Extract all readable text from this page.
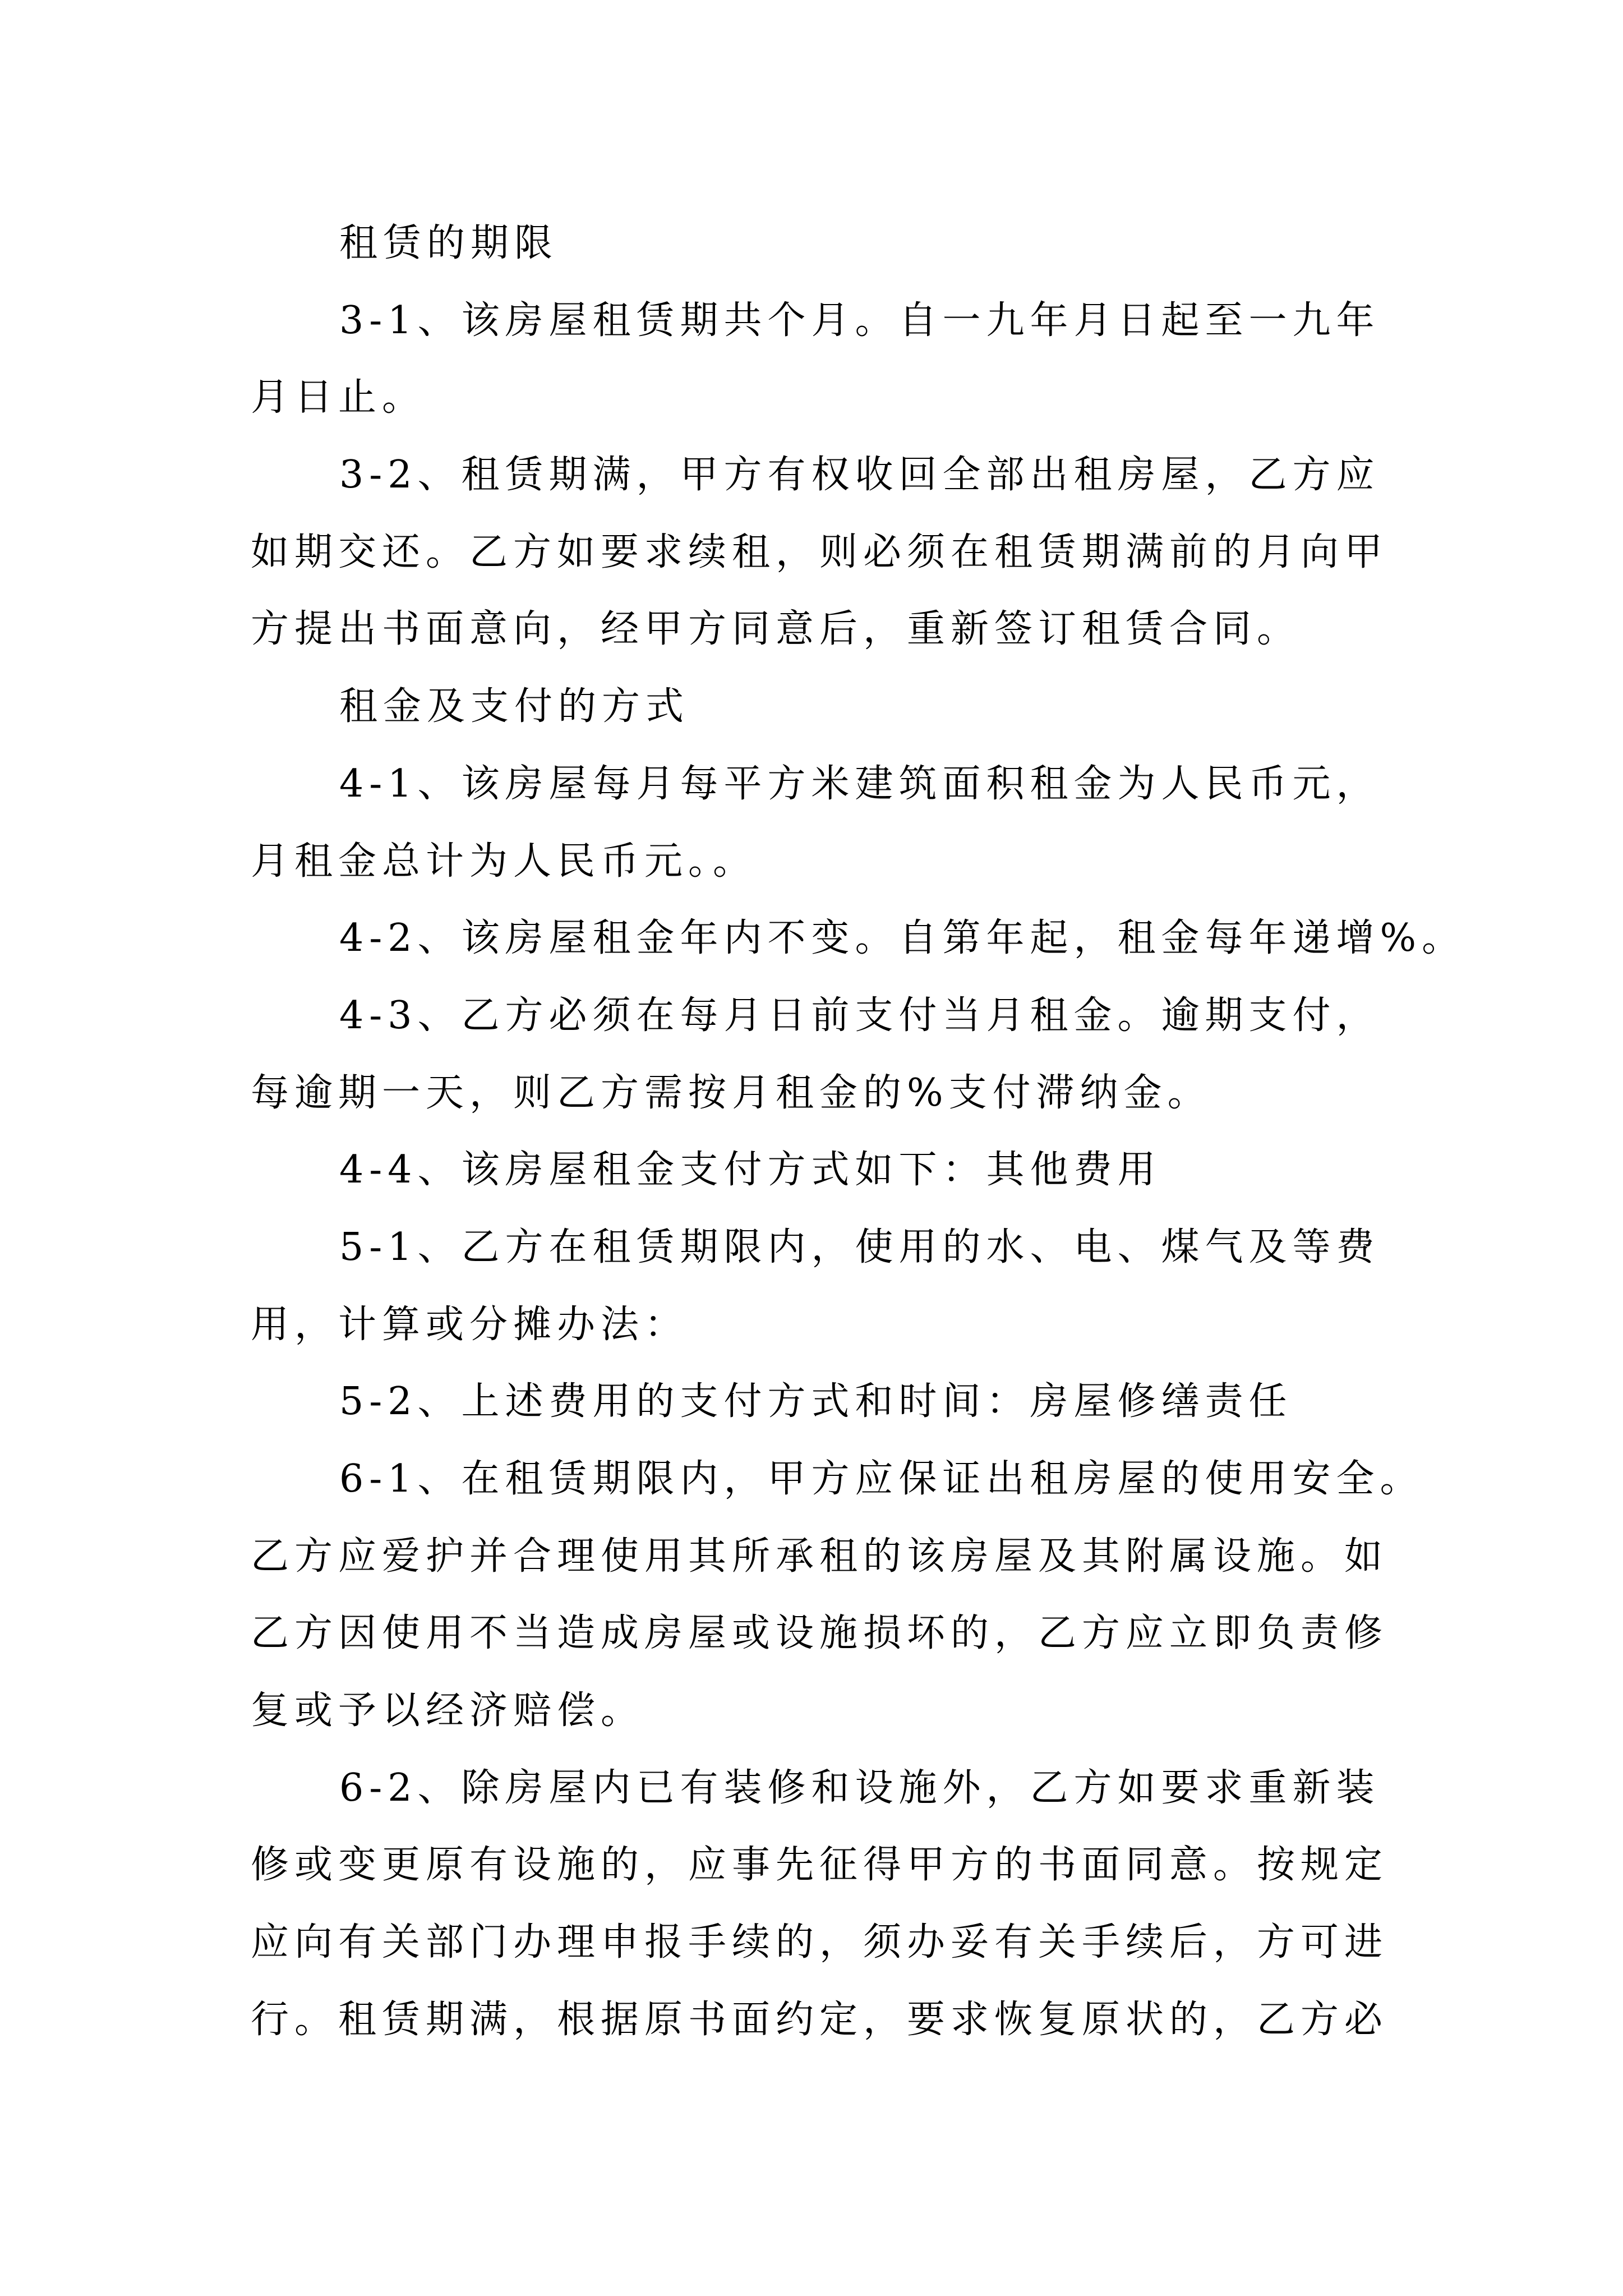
租赁的期限
3-1、该房屋租赁期共个月。自一九年月日起至一九年
月日止。
3-2、租赁期满，甲方有权收回全部出租房屋，乙方应
如期交还。乙方如要求续租，则必须在租赁期满前的月向甲
方提出书面意向，经甲方同意后，重新签订租赁合同。
租金及支付的方式
4-1、该房屋每月每平方米建筑面积租金为人民币元，
月租金总计为人民币元。。
4-2、该房屋租金年内不变。自第年起，租金每年递增%。
4-3、乙方必须在每月日前支付当月租金。逾期支付，
每逾期一天，则乙方需按月租金的%支付滞纳金。
4-4、该房屋租金支付方式如下：其他费用
5-1、乙方在租赁期限内，使用的水、电、煤气及等费
用，计算或分摊办法：
5-2、上述费用的支付方式和时间：房屋修缮责任
6-1、在租赁期限内，甲方应保证出租房屋的使用安全。
乙方应爱护并合理使用其所承租的该房屋及其附属设施。如
乙方因使用不当造成房屋或设施损坏的，乙方应立即负责修
复或予以经济赔偿。
6-2、除房屋内已有装修和设施外，乙方如要求重新装
修或变更原有设施的，应事先征得甲方的书面同意。按规定
应向有关部门办理申报手续的，须办妥有关手续后，方可进
行。租赁期满，根据原书面约定，要求恢复原状的，乙方必
